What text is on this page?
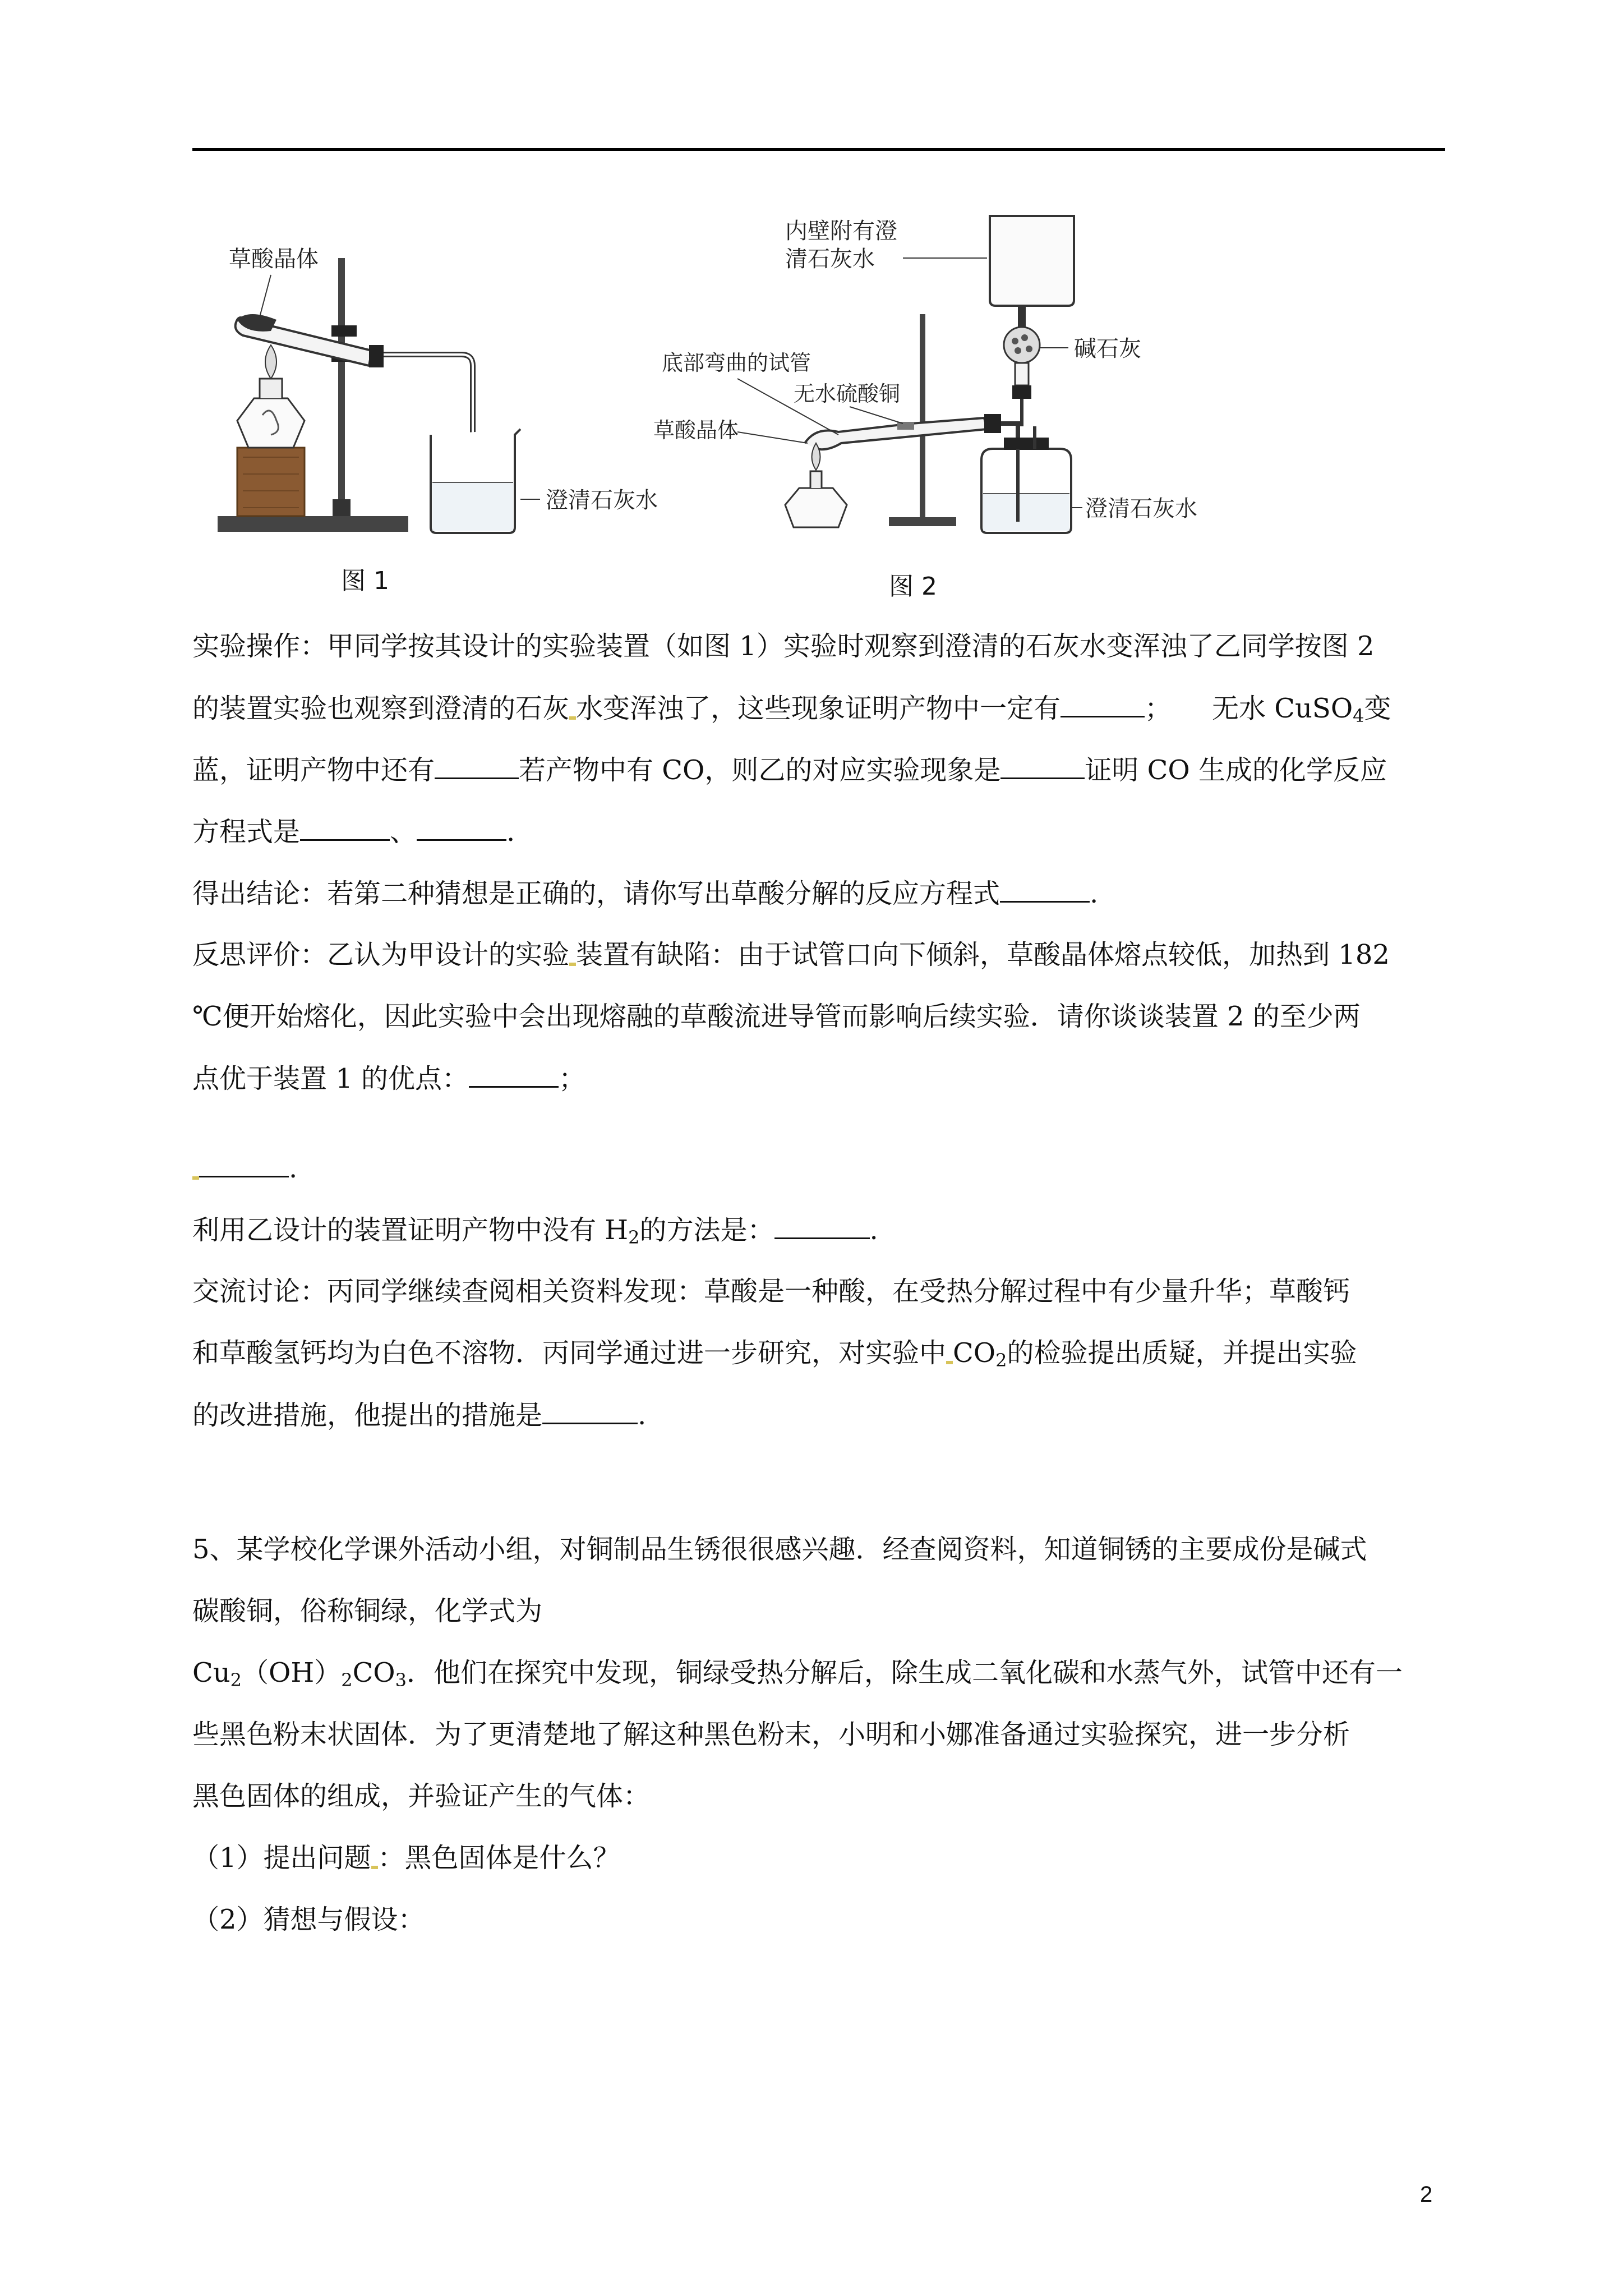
草酸晶体
澄清石灰水
图 1
内壁附有澄
清石灰水
碱石灰
底部弯曲的试管
无水硫酸铜
草酸晶体
澄清石灰水
图 2
实验操作：甲同学按其设计的实验装置（如图 1）实验时观察到澄清的石灰水变浑浊了乙同学按图 2
的装置实验也观察到澄清的石灰 水变浑浊了，这些现象证明产物中一定有	；　　无水 CuSO$_4$变
蓝，证明产物中还有	若产物中有 CO，则乙的对应实验现象是	证明 CO 生成的化学反应
方程式是	、	.
得出结论：若第二种猜想是正确的，请你写出草酸分解的反应方程式	.
反思评价：乙认为甲设计的实验 装置有缺陷：由于试管口向下倾斜，草酸晶体熔点较低，加热到 182
℃便开始熔化，因此实验中会出现熔融的草酸流进导管而影响后续实验．请你谈谈装置 2 的至少两
点优于装置 1 的优点：	；
.
利用乙设计的装置证明产物中没有 $H_2$的方法是：	.
交流讨论：丙同学继续查阅相关资料发现：草酸是一种酸，在受热分解过程中有少量升华；草酸钙
和草酸氢钙均为白色不溶物．丙同学通过进一步研究，对实验中 $CO_2$的检验提出质疑，并提出实验
的改进措施，他提出的措施是	.
5、某学校化学课外活动小组，对铜制品生锈很很感兴趣．经查阅资料，知道铜锈的主要成份是碱式
碳酸铜，俗称铜绿，化学式为
$Cu_2(OH)_2CO_3$．他们在探究中发现，铜绿受热分解后，除生成二氧化碳和水蒸气外，试管中还有一
些黑色粉末状固体．为了更清楚地了解这种黑色粉末，小明和小娜准备通过实验探究，进一步分析
黑色固体的组成，并验证产生的气体：
（1）提出问题 ：黑色固体是什么？
（2）猜想与假设：
2
